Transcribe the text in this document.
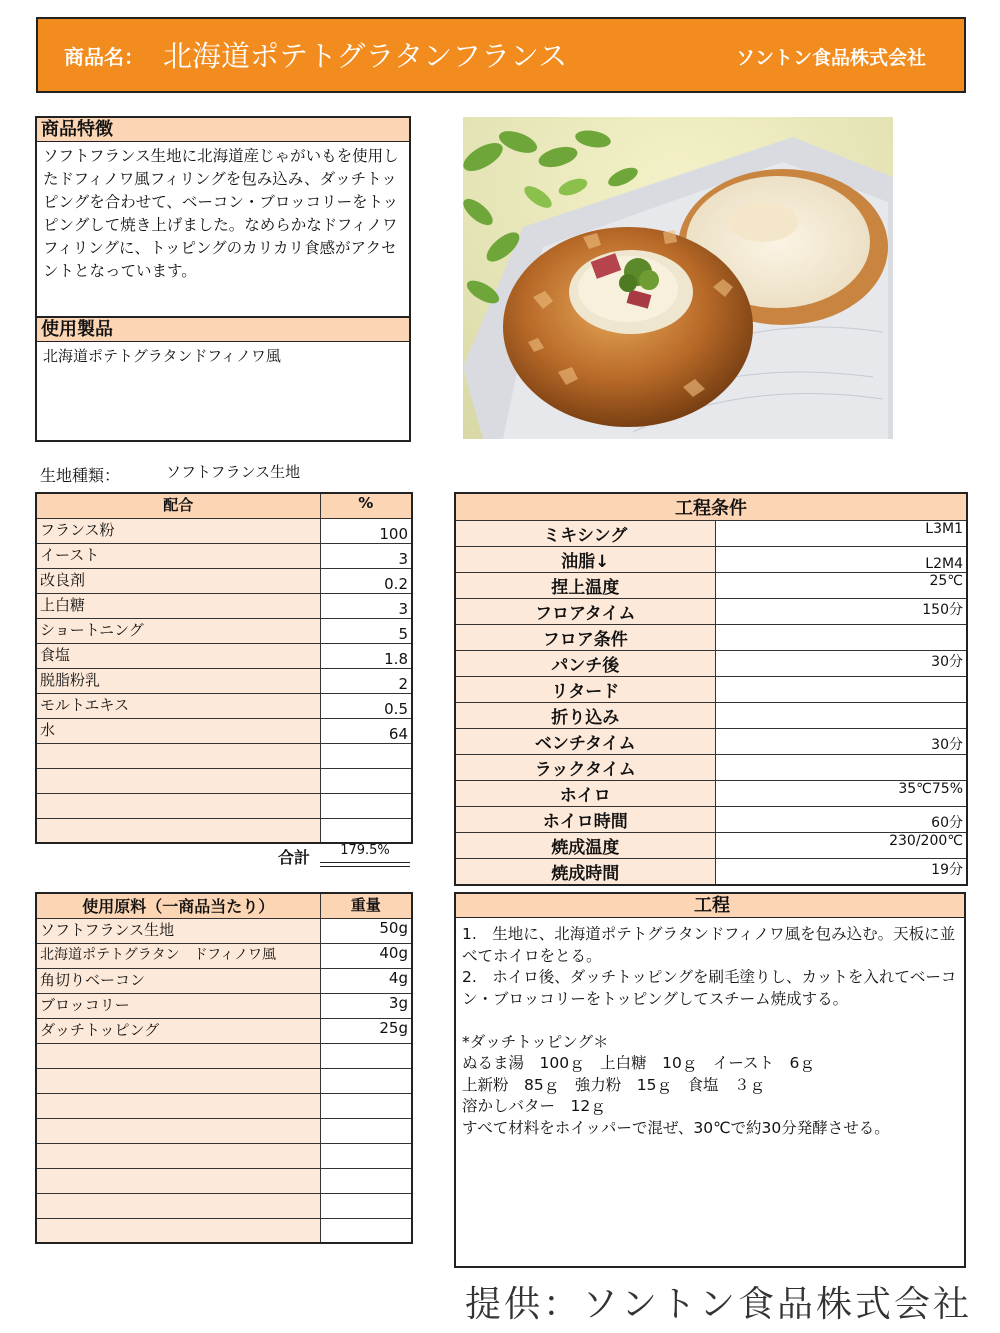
商品名： 北海道ポテトグラタンフランス	ソントン食品株式会社
商品特徴
ソフトフランス生地に北海道産じゃがいもを使用したドフィノワ風フィリングを包み込み、ダッチトッピングを合わせて、ベーコン・ブロッコリーをトッピングして焼き上げました。なめらかなドフィノワフィリングに、トッピングのカリカリ食感がアクセントとなっています。
使用製品
北海道ポテトグラタンドフィノワ風
生地種類：	ソフトフランス生地
配合	%
フランス粉	100
イースト	3
改良剤	0.2
上白糖	3
ショートニング	5
食塩	1.8
脱脂粉乳	2
モルトエキス	0.5
水	64

合計	179.5%
工程条件	
ミキシング	L3M1
油脂↓	L2M4
捏上温度	25℃
フロアタイム	150分
フロア条件	
パンチ後	30分
リタード	
折り込み	
ベンチタイム	30分
ラックタイム	
ホイロ	35℃75%
ホイロ時間	60分
焼成温度	230/200℃
焼成時間	19分
使用原料（一商品当たり）	重量
ソフトフランス生地	50g
北海道ポテトグラタン　ドフィノワ風	40g
角切りベーコン	4g
ブロッコリー	3g
ダッチトッピング	25g

工程
1.　生地に、北海道ポテトグラタンドフィノワ風を包み込む。天板に並べてホイロをとる。
2.　ホイロ後、ダッチトッピングを刷毛塗りし、カットを入れてベーコン・ブロッコリーをトッピングしてスチーム焼成する。

*ダッチトッピング＊
ぬるま湯　100ｇ　上白糖　10ｇ　イースト　6ｇ
上新粉　85ｇ　強力粉　15ｇ　食塩　３ｇ
溶かしバター　12ｇ
すべて材料をホイッパーで混ぜ、30℃で約30分発酵させる。
提供：ソントン食品株式会社
